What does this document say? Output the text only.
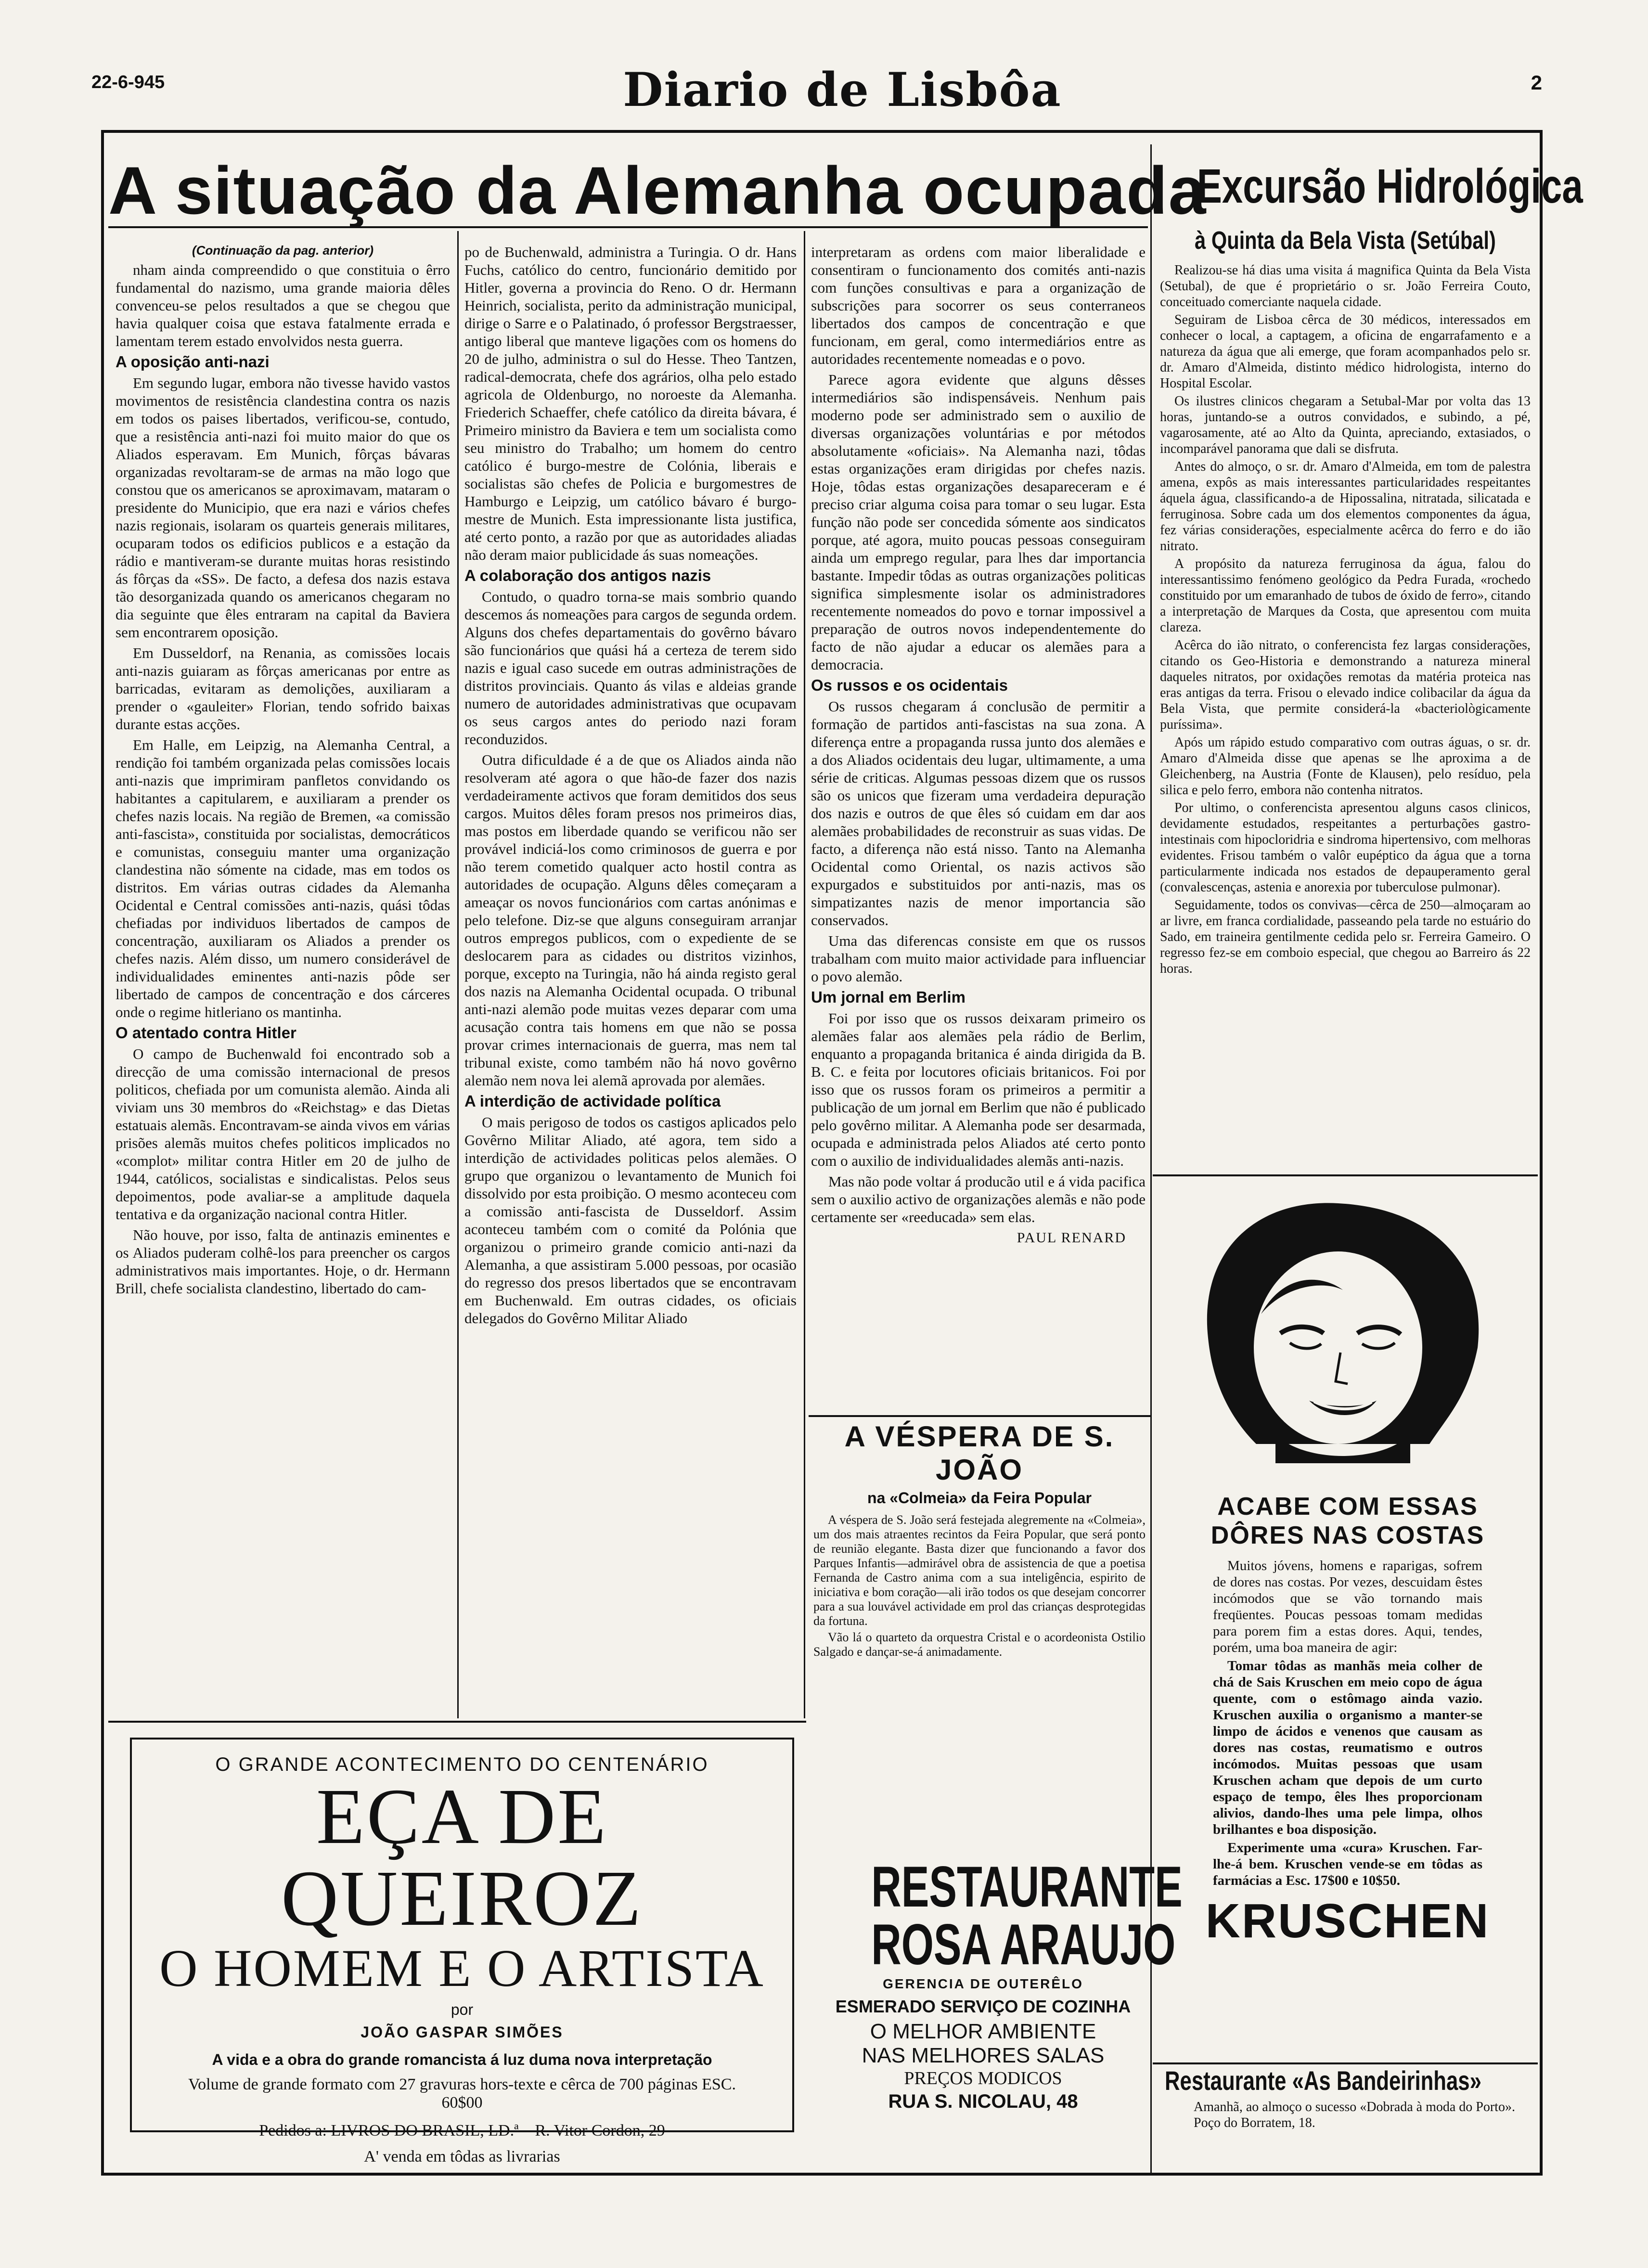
22-6-945	Diario de Lisbôa	2
A situação da Alemanha ocupada

(Continuação da pag. anterior)

nham ainda compreendido o que constituia o êrro fundamental do nazismo, uma grande maioria dêles convenceu-se pelos resultados a que se chegou que havia qualquer coisa que estava fatalmente errada e lamentam terem estado envolvidos nesta guerra.

A oposição anti-nazi

Em segundo lugar, embora não tivesse havido vastos movimentos de resistência clandestina contra os nazis em todos os paises libertados, verificou-se, contudo, que a resistência anti-nazi foi muito maior do que os Aliados esperavam. Em Munich, fôrças bávaras organizadas revoltaram-se de armas na mão logo que constou que os americanos se aproximavam, mataram o presidente do Municipio, que era nazi e vários chefes nazis regionais, isolaram os quarteis generais militares, ocuparam todos os edificios publicos e a estação da rádio e mantiveram-se durante muitas horas resistindo ás fôrças da «SS». De facto, a defesa dos nazis estava tão desorganizada quando os americanos chegaram no dia seguinte que êles entraram na capital da Baviera sem encontrarem oposição.

Em Dusseldorf, na Renania, as comissões locais anti-nazis guiaram as fôrças americanas por entre as barricadas, evitaram as demolições, auxiliaram a prender o «gauleiter» Florian, tendo sofrido baixas durante estas acções.

Em Halle, em Leipzig, na Alemanha Central, a rendição foi também organizada pelas comissões locais anti-nazis que imprimiram panfletos convidando os habitantes a capitularem, e auxiliaram a prender os chefes nazis locais. Na região de Bremen, «a comissão anti-fascista», constituida por socialistas, democráticos e comunistas, conseguiu manter uma organização clandestina não sómente na cidade, mas em todos os distritos. Em várias outras cidades da Alemanha Ocidental e Central comissões anti-nazis, quási tôdas chefiadas por individuos libertados de campos de concentração, auxiliaram os Aliados a prender os chefes nazis. Além disso, um numero considerável de individualidades eminentes anti-nazis pôde ser libertado de campos de concentração e dos cárceres onde o regime hitleriano os mantinha.

O atentado contra Hitler

O campo de Buchenwald foi encontrado sob a direcção de uma comissão internacional de presos politicos, chefiada por um comunista alemão. Ainda ali viviam uns 30 membros do «Reichstag» e das Dietas estatuais alemãs. Encontravam-se ainda vivos em várias prisões alemãs muitos chefes politicos implicados no «complot» militar contra Hitler em 20 de julho de 1944, católicos, socialistas e sindicalistas. Pelos seus depoimentos, pode avaliar-se a amplitude daquela tentativa e da organização nacional contra Hitler.

Não houve, por isso, falta de antinazis eminentes e os Aliados puderam colhê-los para preencher os cargos administrativos mais importantes. Hoje, o dr. Hermann Brill, chefe socialista clandestino, libertado do cam-

po de Buchenwald, administra a Turingia. O dr. Hans Fuchs, católico do centro, funcionário demitido por Hitler, governa a provincia do Reno. O dr. Hermann Heinrich, socialista, perito da administração municipal, dirige o Sarre e o Palatinado, ó professor Bergstraesser, antigo liberal que manteve ligações com os homens do 20 de julho, administra o sul do Hesse. Theo Tantzen, radical-democrata, chefe dos agrários, olha pelo estado agricola de Oldenburgo, no noroeste da Alemanha. Friederich Schaeffer, chefe católico da direita bávara, é Primeiro ministro da Baviera e tem um socialista como seu ministro do Trabalho; um homem do centro católico é burgo-mestre de Colónia, liberais e socialistas são chefes de Policia e burgomestres de Hamburgo e Leipzig, um católico bávaro é burgo-mestre de Munich. Esta impressionante lista justifica, até certo ponto, a razão por que as autoridades aliadas não deram maior publicidade ás suas nomeações.

A colaboração dos antigos nazis

Contudo, o quadro torna-se mais sombrio quando descemos ás nomeações para cargos de segunda ordem. Alguns dos chefes departamentais do govêrno bávaro são funcionários que quási há a certeza de terem sido nazis e igual caso sucede em outras administrações de distritos provinciais. Quanto ás vilas e aldeias grande numero de autoridades administrativas que ocupavam os seus cargos antes do periodo nazi foram reconduzidos.

Outra dificuldade é a de que os Aliados ainda não resolveram até agora o que hão-de fazer dos nazis verdadeiramente activos que foram demitidos dos seus cargos. Muitos dêles foram presos nos primeiros dias, mas postos em liberdade quando se verificou não ser provável indiciá-los como criminosos de guerra e por não terem cometido qualquer acto hostil contra as autoridades de ocupação. Alguns dêles começaram a ameaçar os novos funcionários com cartas anónimas e pelo telefone. Diz-se que alguns conseguiram arranjar outros empregos publicos, com o expediente de se deslocarem para as cidades ou distritos vizinhos, porque, excepto na Turingia, não há ainda registo geral dos nazis na Alemanha Ocidental ocupada. O tribunal anti-nazi alemão pode muitas vezes deparar com uma acusação contra tais homens em que não se possa provar crimes internacionais de guerra, mas nem tal tribunal existe, como também não há novo govêrno alemão nem nova lei alemã aprovada por alemães.

A interdição de actividade política

O mais perigoso de todos os castigos aplicados pelo Govêrno Militar Aliado, até agora, tem sido a interdição de actividades politicas pelos alemães. O grupo que organizou o levantamento de Munich foi dissolvido por esta proibição. O mesmo aconteceu com a comissão anti-fascista de Dusseldorf. Assim aconteceu também com o comité da Polónia que organizou o primeiro grande comicio anti-nazi da Alemanha, a que assistiram 5.000 pessoas, por ocasião do regresso dos presos libertados que se encontravam em Buchenwald. Em outras cidades, os oficiais delegados do Govêrno Militar Aliado

interpretaram as ordens com maior liberalidade e consentiram o funcionamento dos comités anti-nazis com funções consultivas e para a organização de subscrições para socorrer os seus conterraneos libertados dos campos de concentração e que funcionam, em geral, como intermediários entre as autoridades recentemente nomeadas e o povo.

Parece agora evidente que alguns dêsses intermediários são indispensáveis. Nenhum pais moderno pode ser administrado sem o auxilio de diversas organizações voluntárias e por métodos absolutamente «oficiais». Na Alemanha nazi, tôdas estas organizações eram dirigidas por chefes nazis. Hoje, tôdas estas organizações desapareceram e é preciso criar alguma coisa para tomar o seu lugar. Esta função não pode ser concedida sómente aos sindicatos porque, até agora, muito poucas pessoas conseguiram ainda um emprego regular, para lhes dar importancia bastante. Impedir tôdas as outras organizações politicas significa simplesmente isolar os administradores recentemente nomeados do povo e tornar impossivel a preparação de outros novos independentemente do facto de não ajudar a educar os alemães para a democracia.

Os russos e os ocidentais

Os russos chegaram á conclusão de permitir a formação de partidos anti-fascistas na sua zona. A diferença entre a propaganda russa junto dos alemães e a dos Aliados ocidentais deu lugar, ultimamente, a uma série de criticas. Algumas pessoas dizem que os russos são os unicos que fizeram uma verdadeira depuração dos nazis e outros de que êles só cuidam em dar aos alemães probabilidades de reconstruir as suas vidas. De facto, a diferença não está nisso. Tanto na Alemanha Ocidental como Oriental, os nazis activos são expurgados e substituidos por anti-nazis, mas os simpatizantes nazis de menor importancia são conservados.

Uma das diferencas consiste em que os russos trabalham com muito maior actividade para influenciar o povo alemão.

Um jornal em Berlim

Foi por isso que os russos deixaram primeiro os alemães falar aos alemães pela rádio de Berlim, enquanto a propaganda britanica é ainda dirigida da B. B. C. e feita por locutores oficiais britanicos. Foi por isso que os russos foram os primeiros a permitir a publicação de um jornal em Berlim que não é publicado pelo govêrno militar. A Alemanha pode ser desarmada, ocupada e administrada pelos Aliados até certo ponto com o auxilio de individualidades alemãs anti-nazis.

Mas não pode voltar á producão util e á vida pacifica sem o auxilio activo de organizações alemãs e não pode certamente ser «reeducada» sem elas.

PAUL RENARD

A VÉSPERA DE S. JOÃO
na «Colmeia» da Feira Popular

A véspera de S. João será festejada alegremente na «Colmeia», um dos mais atraentes recintos da Feira Popular, que será ponto de reunião elegante. Basta dizer que funcionando a favor dos Parques Infantis—admirável obra de assistencia de que a poetisa Fernanda de Castro anima com a sua inteligência, espirito de iniciativa e bom coração—ali irão todos os que desejam concorrer para a sua louvável actividade em prol das crianças desprotegidas da fortuna.

Vão lá o quarteto da orquestra Cristal e o acordeonista Ostilio Salgado e dançar-se-á animadamente.

O GRANDE ACONTECIMENTO DO CENTENÁRIO
EÇA DE QUEIROZ
O HOMEM E O ARTISTA
por
JOÃO GASPAR SIMÕES
A vida e a obra do grande romancista á luz duma nova interpretação
Volume de grande formato com 27 gravuras hors-texte e cêrca de 700 páginas ESC. 60$00
Pedidos a: LIVROS DO BRASIL, LD.ª—R. Vitor Cordon, 29
A' venda em tôdas as livrarias
RESTAURANTE
ROSA ARAUJO
GERENCIA DE OUTERÊLO
ESMERADO SERVIÇO DE COZINHA
O MELHOR AMBIENTE
NAS MELHORES SALAS
PREÇOS MODICOS
RUA S. NICOLAU, 48
Excursão Hidrológica
à Quinta da Bela Vista (Setúbal)

Realizou-se há dias uma visita á magnifica Quinta da Bela Vista (Setubal), de que é proprietário o sr. João Ferreira Couto, conceituado comerciante naquela cidade.

Seguiram de Lisboa cêrca de 30 médicos, interessados em conhecer o local, a captagem, a oficina de engarrafamento e a natureza da água que ali emerge, que foram acompanhados pelo sr. dr. Amaro d'Almeida, distinto médico hidrologista, interno do Hospital Escolar.

Os ilustres clinicos chegaram a Setubal-Mar por volta das 13 horas, juntando-se a outros convidados, e subindo, a pé, vagarosamente, até ao Alto da Quinta, apreciando, extasiados, o incomparável panorama que dali se disfruta.

Antes do almoço, o sr. dr. Amaro d'Almeida, em tom de palestra amena, expôs as mais interessantes particularidades respeitantes áquela água, classificando-a de Hipossalina, nitratada, silicatada e ferruginosa. Sobre cada um dos elementos componentes da água, fez várias considerações, especialmente acêrca do ferro e do ião nitrato.

A propósito da natureza ferruginosa da água, falou do interessantissimo fenómeno geológico da Pedra Furada, «rochedo constituido por um emaranhado de tubos de óxido de ferro», citando a interpretação de Marques da Costa, que apresentou com muita clareza.

Acêrca do ião nitrato, o conferencista fez largas considerações, citando os Geo-Historia e demonstrando a natureza mineral daqueles nitratos, por oxidações remotas da matéria proteica nas eras antigas da terra. Frisou o elevado indice colibacilar da água da Bela Vista, que permite considerá-la «bacteriològicamente puríssima».

Após um rápido estudo comparativo com outras águas, o sr. dr. Amaro d'Almeida disse que apenas se lhe aproxima a de Gleichenberg, na Austria (Fonte de Klausen), pelo resíduo, pela silica e pelo ferro, embora não contenha nitratos.

Por ultimo, o conferencista apresentou alguns casos clinicos, devidamente estudados, respeitantes a perturbações gastro-intestinais com hipocloridria e sindroma hipertensivo, com melhoras evidentes. Frisou também o valôr eupéptico da água que a torna particularmente indicada nos estados de depauperamento geral (convalescenças, astenia e anorexia por tuberculose pulmonar).

Seguidamente, todos os convivas—cêrca de 250—almoçaram ao ar livre, em franca cordialidade, passeando pela tarde no estuário do Sado, em traineira gentilmente cedida pelo sr. Ferreira Gameiro. O regresso fez-se em comboio especial, que chegou ao Barreiro ás 22 horas.

ACABE COM ESSAS
DÔRES NAS COSTAS

Muitos jóvens, homens e raparigas, sofrem de dores nas costas. Por vezes, descuidam êstes incómodos que se vão tornando mais freqüentes. Poucas pessoas tomam medidas para porem fim a estas dores. Aqui, tendes, porém, uma boa maneira de agir:

Tomar tôdas as manhãs meia colher de chá de Sais Kruschen em meio copo de água quente, com o estômago ainda vazio. Kruschen auxilia o organismo a manter-se limpo de ácidos e venenos que causam as dores nas costas, reumatismo e outros incómodos. Muitas pessoas que usam Kruschen acham que depois de um curto espaço de tempo, êles lhes proporcionam alivios, dando-lhes uma pele limpa, olhos brilhantes e boa disposição.

Experimente uma «cura» Kruschen. Far-lhe-á bem. Kruschen vende-se em tôdas as farmácias a Esc. 17$00 e 10$50.

KRUSCHEN
Restaurante «As Bandeirinhas»
Amanhã, ao almoço o sucesso «Dobrada à moda do Porto». Poço do Borratem, 18.
